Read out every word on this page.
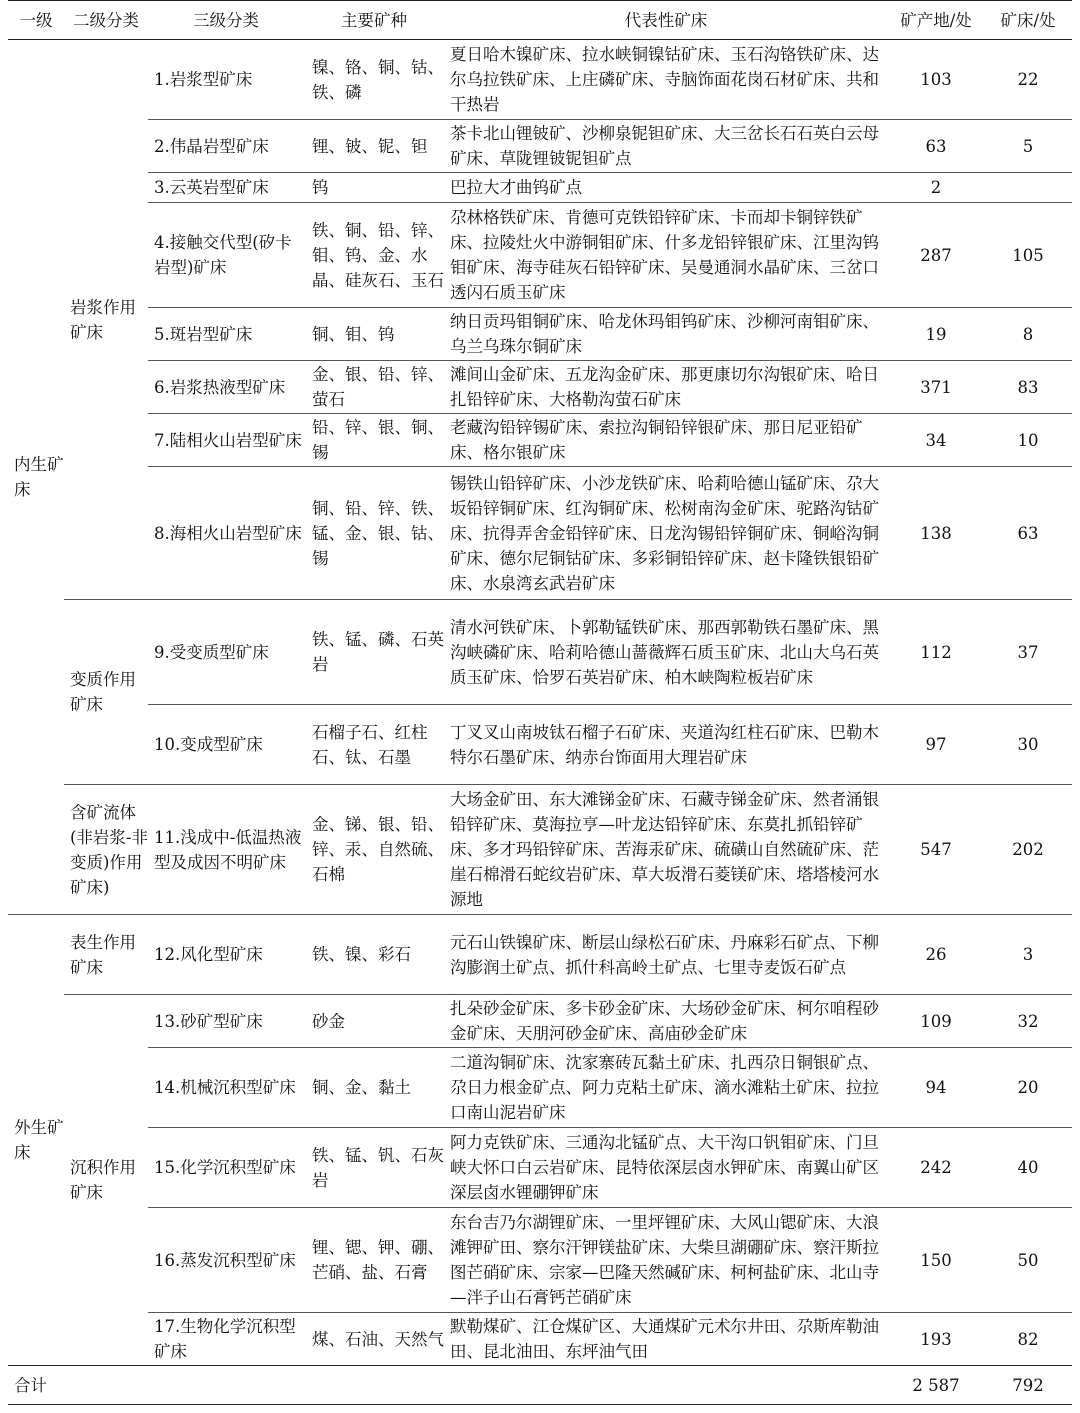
一级	二级分类	三级分类	主要矿种	代表性矿床	矿产地/处	矿床/处
内生矿床	岩浆作用矿床	1.岩浆型矿床	镍、铬、铜、钴、铁、磷	夏日哈木镍矿床、拉水峡铜镍钴矿床、玉石沟铬铁矿床、达尔乌拉铁矿床、上庄磷矿床、寺脑饰面花岗石材矿床、共和干热岩	103	22
		2.伟晶岩型矿床	锂、铍、铌、钽	茶卡北山锂铍矿、沙柳泉铌钽矿床、大三岔长石石英白云母矿床、草陇锂铍铌钽矿点	63	5
		3.云英岩型矿床	钨	巴拉大才曲钨矿点	2	
		4.接触交代型(矽卡岩型)矿床	铁、铜、铅、锌、钼、钨、金、水晶、硅灰石、玉石	尕林格铁矿床、肯德可克铁铅锌矿床、卡而却卡铜锌铁矿床、拉陵灶火中游铜钼矿床、什多龙铅锌银矿床、江里沟钨钼矿床、海寺硅灰石铅锌矿床、吴曼通洞水晶矿床、三岔口透闪石质玉矿床	287	105
		5.斑岩型矿床	铜、钼、钨	纳日贡玛钼铜矿床、哈龙休玛钼钨矿床、沙柳河南钼矿床、乌兰乌珠尔铜矿床	19	8
		6.岩浆热液型矿床	金、银、铅、锌、萤石	滩间山金矿床、五龙沟金矿床、那更康切尔沟银矿床、哈日扎铅锌矿床、大格勒沟萤石矿床	371	83
		7.陆相火山岩型矿床	铅、锌、银、铜、锡	老藏沟铅锌锡矿床、索拉沟铜铅锌银矿床、那日尼亚铅矿床、格尔银矿床	34	10
		8.海相火山岩型矿床	铜、铅、锌、铁、锰、金、银、钴、锡	锡铁山铅锌矿床、小沙龙铁矿床、哈莉哈德山锰矿床、尕大坂铅锌铜矿床、红沟铜矿床、松树南沟金矿床、驼路沟钴矿床、抗得弄舍金铅锌矿床、日龙沟锡铅锌铜矿床、铜峪沟铜矿床、德尔尼铜钴矿床、多彩铜铅锌矿床、赵卡隆铁银铅矿床、水泉湾玄武岩矿床	138	63
	变质作用矿床	9.受变质型矿床	铁、锰、磷、石英岩	清水河铁矿床、卜郭勒锰铁矿床、那西郭勒铁石墨矿床、黑沟峡磷矿床、哈莉哈德山蔷薇辉石质玉矿床、北山大乌石英质玉矿床、恰罗石英岩矿床、柏木峡陶粒板岩矿床	112	37
		10.变成型矿床	石榴子石、红柱石、钛、石墨	丁叉叉山南坡钛石榴子石矿床、夹道沟红柱石矿床、巴勒木特尔石墨矿床、纳赤台饰面用大理岩矿床	97	30
	含矿流体(非岩浆-非变质)作用矿床)	11.浅成中-低温热液型及成因不明矿床	金、锑、银、铅、锌、汞、自然硫、石棉	大场金矿田、东大滩锑金矿床、石藏寺锑金矿床、然者涌银铅锌矿床、莫海拉亨—叶龙达铅锌矿床、东莫扎抓铅锌矿床、多才玛铅锌矿床、苦海汞矿床、硫磺山自然硫矿床、茫崖石棉滑石蛇纹岩矿床、草大坂滑石菱镁矿床、塔塔棱河水源地	547	202
外生矿床	表生作用矿床	12.风化型矿床	铁、镍、彩石	元石山铁镍矿床、断层山绿松石矿床、丹麻彩石矿点、下柳沟膨润土矿点、抓什科高岭土矿点、七里寺麦饭石矿点	26	3
	沉积作用矿床	13.砂矿型矿床	砂金	扎朵砂金矿床、多卡砂金矿床、大场砂金矿床、柯尔咱程砂金矿床、天朋河砂金矿床、高庙砂金矿床	109	32
		14.机械沉积型矿床	铜、金、黏土	二道沟铜矿床、沈家寨砖瓦黏土矿床、扎西尕日铜银矿点、尕日力根金矿点、阿力克粘土矿床、滴水滩粘土矿床、拉拉口南山泥岩矿床	94	20
		15.化学沉积型矿床	铁、锰、钒、石灰岩	阿力克铁矿床、三通沟北锰矿点、大干沟口钒钼矿床、门旦峡大怀口白云岩矿床、昆特依深层卤水钾矿床、南翼山矿区深层卤水锂硼钾矿床	242	40
		16.蒸发沉积型矿床	锂、锶、钾、硼、芒硝、盐、石膏	东台吉乃尔湖锂矿床、一里坪锂矿床、大风山锶矿床、大浪滩钾矿田、察尔汗钾镁盐矿床、大柴旦湖硼矿床、察汗斯拉图芒硝矿床、宗家—巴隆天然碱矿床、柯柯盐矿床、北山寺—泮子山石膏钙芒硝矿床	150	50
		17.生物化学沉积型矿床	煤、石油、天然气	默勒煤矿、江仓煤矿区、大通煤矿元术尔井田、尕斯库勒油田、昆北油田、东坪油气田	193	82
合计					2 587	792
